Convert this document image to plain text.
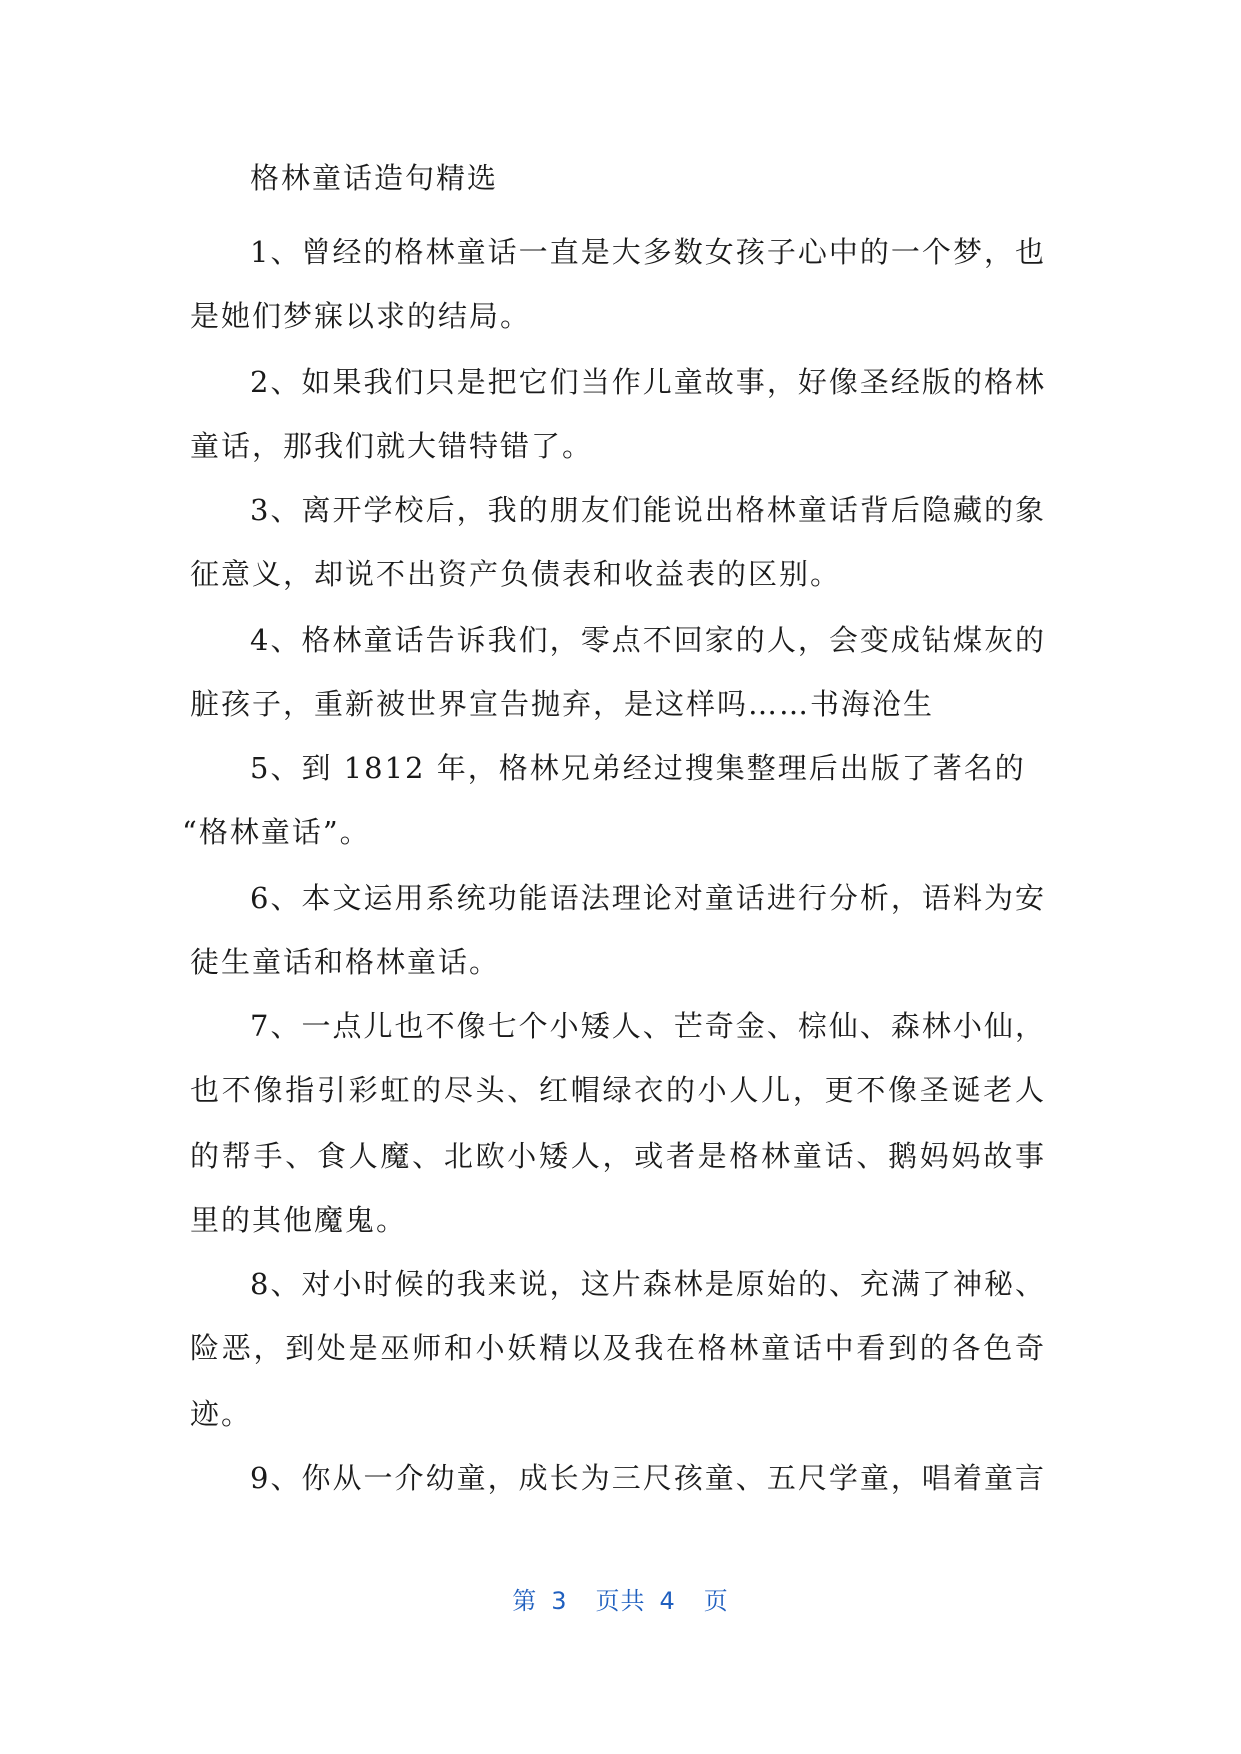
格林童话造句精选
1、曾经的格林童话一直是大多数女孩子心中的一个梦，也
是她们梦寐以求的结局。
2、如果我们只是把它们当作儿童故事，好像圣经版的格林
童话，那我们就大错特错了。
3、离开学校后，我的朋友们能说出格林童话背后隐藏的象
征意义，却说不出资产负债表和收益表的区别。
4、格林童话告诉我们，零点不回家的人，会变成钻煤灰的
脏孩子，重新被世界宣告抛弃，是这样吗……书海沧生
5、到 1812 年，格林兄弟经过搜集整理后出版了著名的
“格林童话”。
6、本文运用系统功能语法理论对童话进行分析，语料为安
徒生童话和格林童话。
7、一点儿也不像七个小矮人、芒奇金、棕仙、森林小仙，
也不像指引彩虹的尽头、红帽绿衣的小人儿，更不像圣诞老人
的帮手、食人魔、北欧小矮人，或者是格林童话、鹅妈妈故事
里的其他魔鬼。
8、对小时候的我来说，这片森林是原始的、充满了神秘、
险恶，到处是巫师和小妖精以及我在格林童话中看到的各色奇
迹。
9、你从一介幼童，成长为三尺孩童、五尺学童，唱着童言
第 3 页共 4 页
